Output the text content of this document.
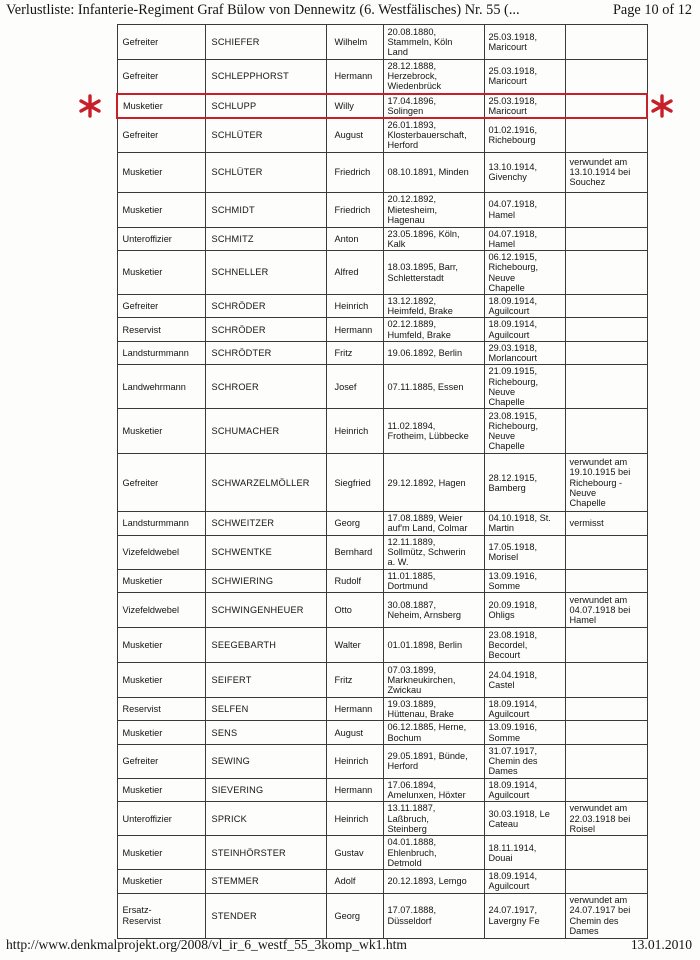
Verlustliste: Infanterie-Regiment Graf Bülow von Dennewitz (6. Westfälisches) Nr. 55 (...	Page 10 of 12
Gefreiter	SCHIEFER	Wilhelm	20.08.1880,
Stammeln, Köln
Land	25.03.1918,
Maricourt	
Gefreiter	SCHLEPPHORST	Hermann	28.12.1888,
Herzebrock,
Wiedenbrück	25.03.1918,
Maricourt	
Musketier	SCHLUPP	Willy	17.04.1896,
Solingen	25.03.1918,
Maricourt	
Gefreiter	SCHLÜTER	August	26.01.1893,
Klosterbauerschaft,
Herford	01.02.1916,
Richebourg	
Musketier	SCHLÜTER	Friedrich	08.10.1891, Minden	13.10.1914,
Givenchy	verwundet am
13.10.1914 bei
Souchez
Musketier	SCHMIDT	Friedrich	20.12.1892,
Mietesheim,
Hagenau	04.07.1918,
Hamel	
Unteroffizier	SCHMITZ	Anton	23.05.1896, Köln,
Kalk	04.07.1918,
Hamel	
Musketier	SCHNELLER	Alfred	18.03.1895, Barr,
Schletterstadt	06.12.1915,
Richebourg,
Neuve
Chapelle	
Gefreiter	SCHRÖDER	Heinrich	13.12.1892,
Heimfeld, Brake	18.09.1914,
Aguilcourt	
Reservist	SCHRÖDER	Hermann	02.12.1889,
Humfeld, Brake	18.09.1914,
Aguilcourt	
Landsturmmann	SCHRÖDTER	Fritz	19.06.1892, Berlin	29.03.1918,
Morlancourt	
Landwehrmann	SCHROER	Josef	07.11.1885, Essen	21.09.1915,
Richebourg,
Neuve
Chapelle	
Musketier	SCHUMACHER	Heinrich	11.02.1894,
Frotheim, Lübbecke	23.08.1915,
Richebourg,
Neuve
Chapelle	
Gefreiter	SCHWARZELMÖLLER	Siegfried	29.12.1892, Hagen	28.12.1915,
Bamberg	verwundet am
19.10.1915 bei
Richebourg -
Neuve
Chapelle
Landsturmmann	SCHWEITZER	Georg	17.08.1889, Weier
auf'm Land, Colmar	04.10.1918, St.
Martin	vermisst
Vizefeldwebel	SCHWENTKE	Bernhard	12.11.1889,
Sollmütz, Schwerin
a. W.	17.05.1918,
Morisel	
Musketier	SCHWIERING	Rudolf	11.01.1885,
Dortmund	13.09.1916,
Somme	
Vizefeldwebel	SCHWINGENHEUER	Otto	30.08.1887,
Neheim, Arnsberg	20.09.1918,
Ohligs	verwundet am
04.07.1918 bei
Hamel
Musketier	SEEGEBARTH	Walter	01.01.1898, Berlin	23.08.1918,
Becordel,
Becourt	
Musketier	SEIFERT	Fritz	07.03.1899,
Markneukirchen,
Zwickau	24.04.1918,
Castel	
Reservist	SELFEN	Hermann	19.03.1889,
Hüttenau, Brake	18.09.1914,
Aguilcourt	
Musketier	SENS	August	06.12.1885, Herne,
Bochum	13.09.1916,
Somme	
Gefreiter	SEWING	Heinrich	29.05.1891, Bünde,
Herford	31.07.1917,
Chemin des
Dames	
Musketier	SIEVERING	Hermann	17.06.1894,
Amelunxen, Höxter	18.09.1914,
Aguilcourt	
Unteroffizier	SPRICK	Heinrich	13.11.1887,
Laßbruch,
Steinberg	30.03.1918, Le
Cateau	verwundet am
22.03.1918 bei
Roisel
Musketier	STEINHÖRSTER	Gustav	04.01.1888,
Ehlenbruch,
Detmold	18.11.1914,
Douai	
Musketier	STEMMER	Adolf	20.12.1893, Lemgo	18.09.1914,
Aguilcourt	
Ersatz-
Reservist	STENDER	Georg	17.07.1888,
Düsseldorf	24.07.1917,
Lavergny Fe	verwundet am
24.07.1917 bei
Chemin des
Dames
http://www.denkmalprojekt.org/2008/vl_ir_6_westf_55_3komp_wk1.htm	13.01.2010
